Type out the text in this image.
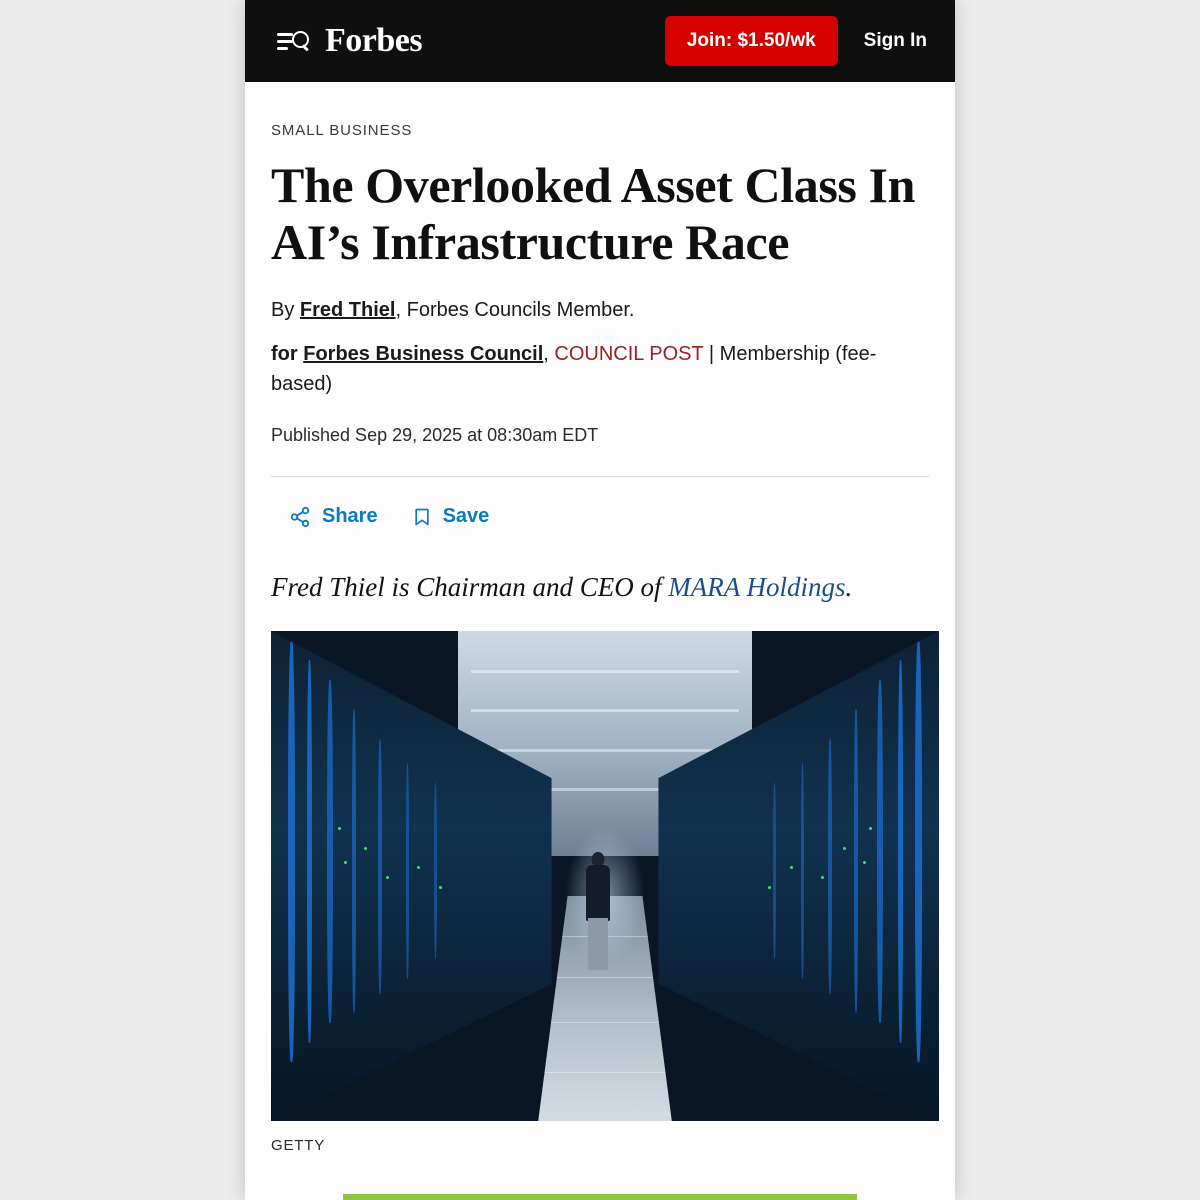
Forbes	Join: $1.50/wk	Sign In
SMALL BUSINESS
The Overlooked Asset Class In AI’s Infrastructure Race
By Fred Thiel, Forbes Councils Member.
for Forbes Business Council, COUNCIL POST | Membership (fee-based)
Published Sep 29, 2025 at 08:30am EDT
Share	Save
Fred Thiel is Chairman and CEO of MARA Holdings.
GETTY
